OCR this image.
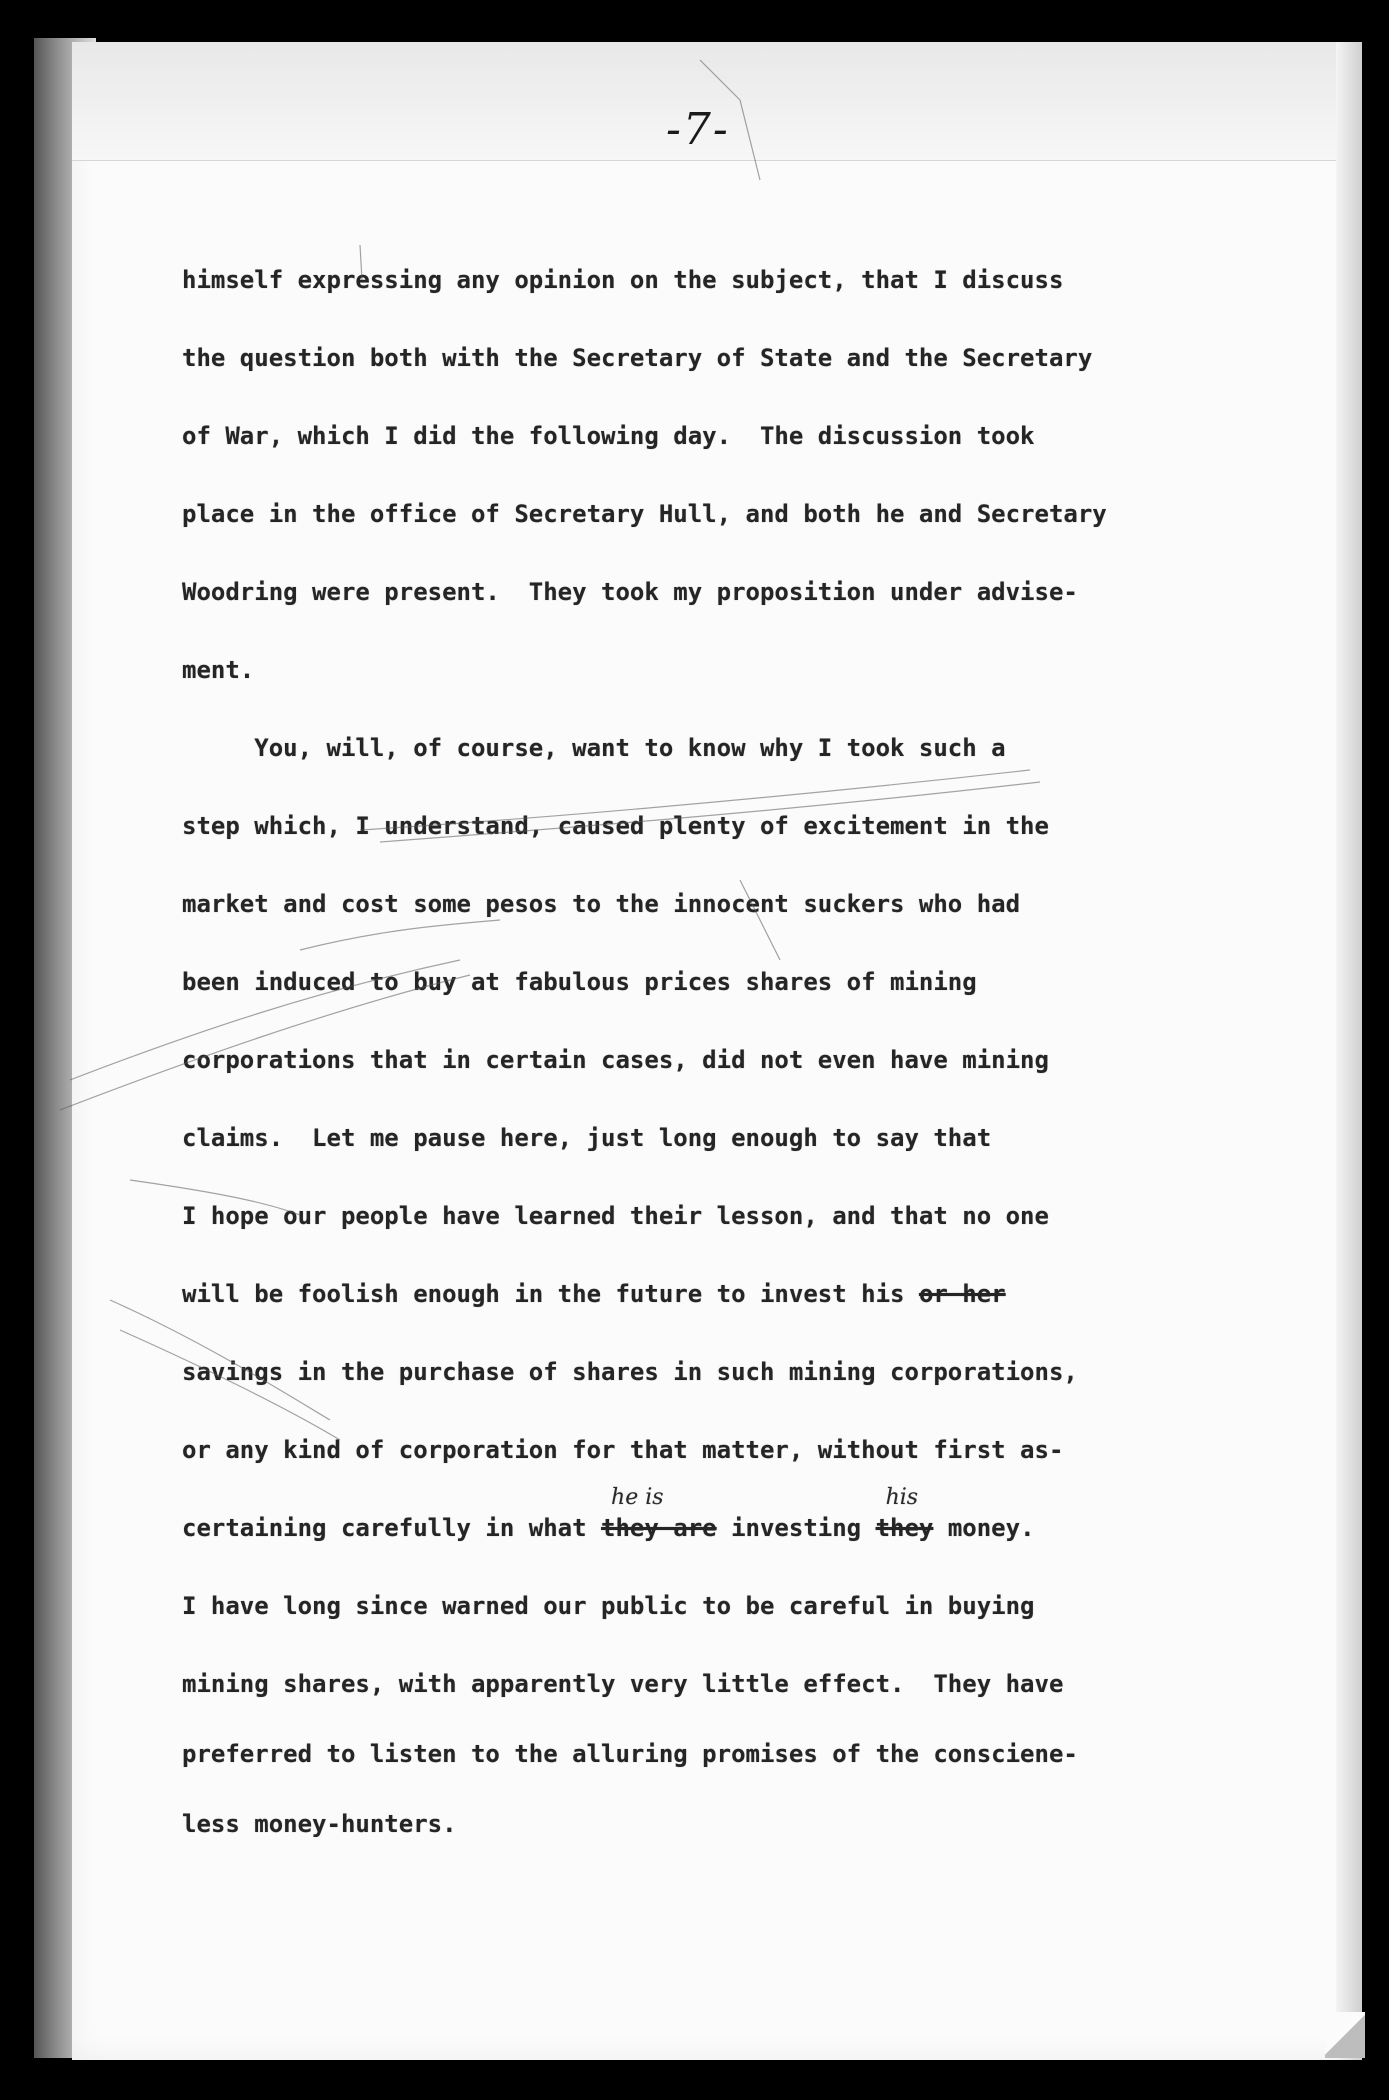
-7-
himself expressing any opinion on the subject, that I discuss
the question both with the Secretary of State and the Secretary
of War, which I did the following day.  The discussion took
place in the office of Secretary Hull, and both he and Secretary
Woodring were present.  They took my proposition under advise-
ment.
You, will, of course, want to know why I took such a
step which, I understand, caused plenty of excitement in the
market and cost some pesos to the innocent suckers who had
been induced to buy at fabulous prices shares of mining
corporations that in certain cases, did not even have mining
claims.  Let me pause here, just long enough to say that
I hope our people have learned their lesson, and that no one
will be foolish enough in the future to invest his or her
savings in the purchase of shares in such mining corporations,
or any kind of corporation for that matter, without first as-
certaining carefully in what
he is
they are investing
his
they money.
I have long since warned our public to be careful in buying
mining shares, with apparently very little effect.  They have
preferred to listen to the alluring promises of the consciene-
less money-hunters.
